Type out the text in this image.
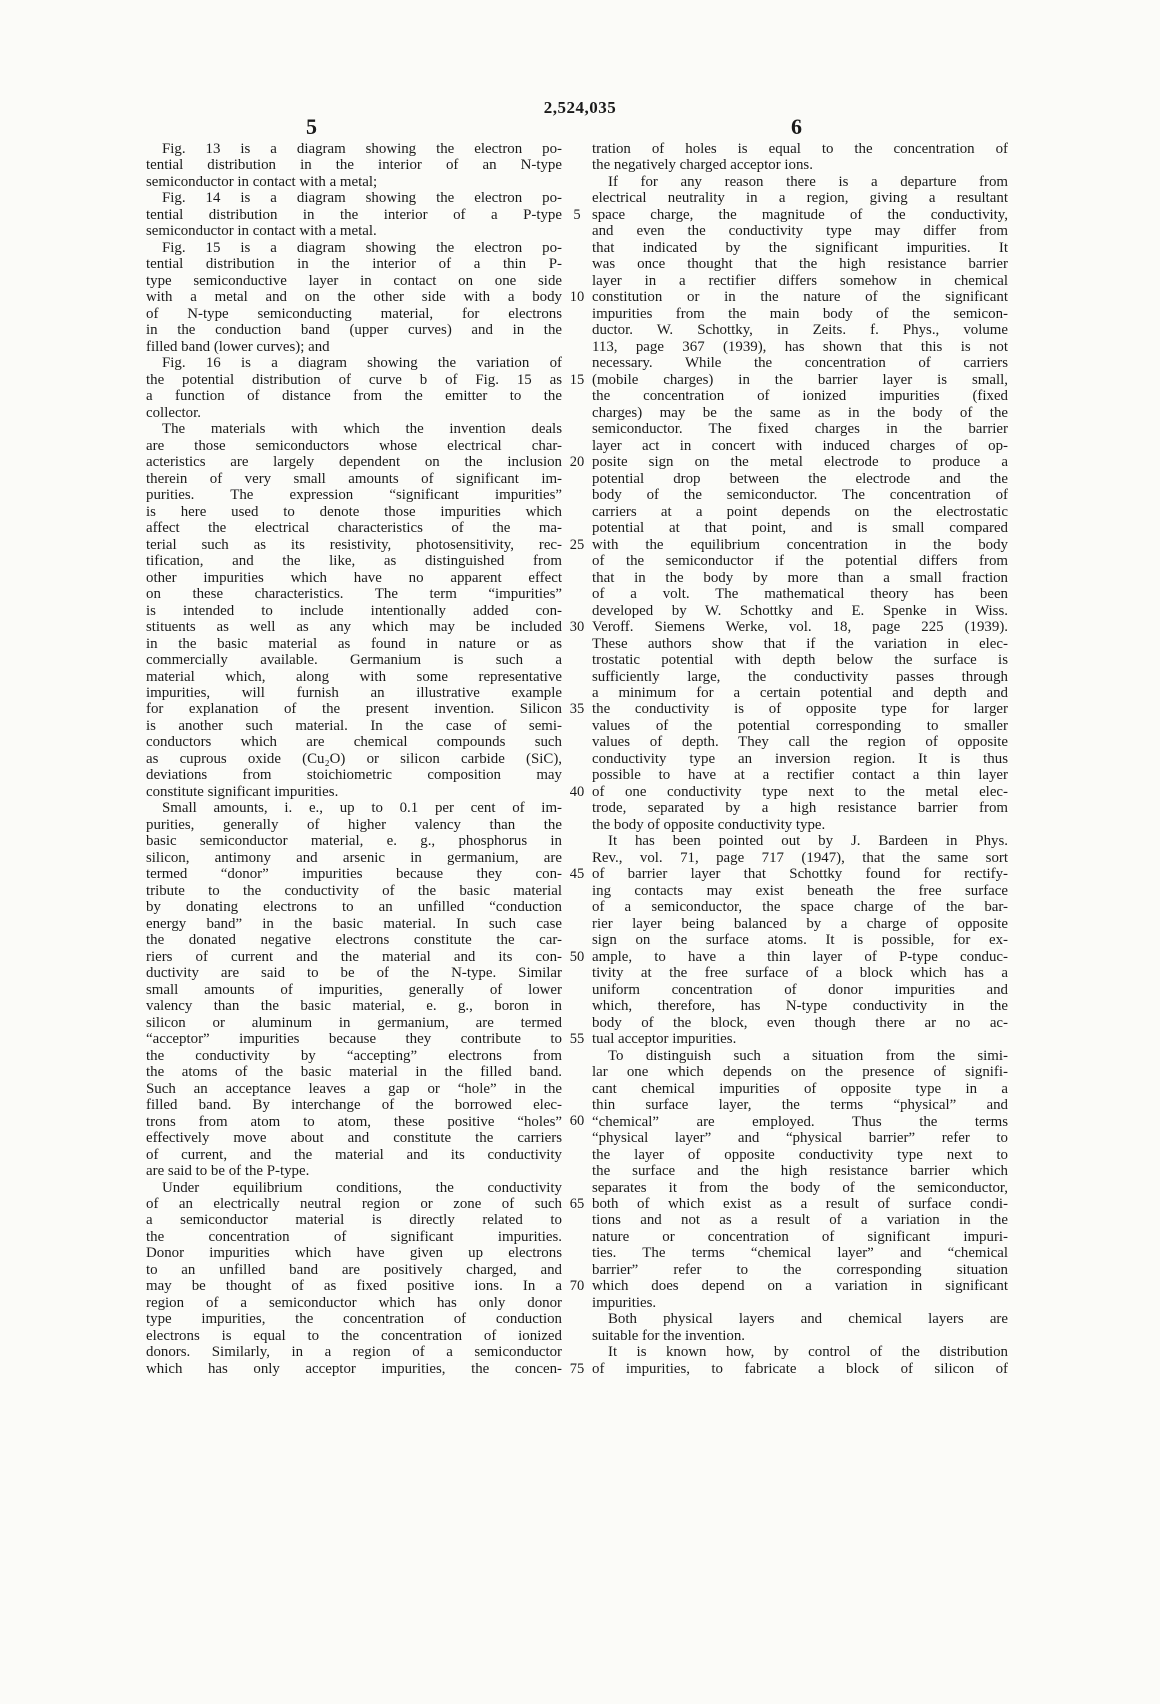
2,524,035
5	6
Fig. 13 is a diagram showing the electron po-
tential distribution in the interior of an N-type
semiconductor in contact with a metal;
Fig. 14 is a diagram showing the electron po-
tential distribution in the interior of a P-type
semiconductor in contact with a metal.
Fig. 15 is a diagram showing the electron po-
tential distribution in the interior of a thin P-
type semiconductive layer in contact on one side
with a metal and on the other side with a body
of N-type semiconducting material, for electrons
in the conduction band (upper curves) and in the
filled band (lower curves); and
Fig. 16 is a diagram showing the variation of
the potential distribution of curve b of Fig. 15 as
a function of distance from the emitter to the
collector.
The materials with which the invention deals
are those semiconductors whose electrical char-
acteristics are largely dependent on the inclusion
therein of very small amounts of significant im-
purities. The expression “significant impurities”
is here used to denote those impurities which
affect the electrical characteristics of the ma-
terial such as its resistivity, photosensitivity, rec-
tification, and the like, as distinguished from
other impurities which have no apparent effect
on these characteristics. The term “impurities”
is intended to include intentionally added con-
stituents as well as any which may be included
in the basic material as found in nature or as
commercially available. Germanium is such a
material which, along with some representative
impurities, will furnish an illustrative example
for explanation of the present invention. Silicon
is another such material. In the case of semi-
conductors which are chemical compounds such
as cuprous oxide (Cu₂O) or silicon carbide (SiC),
deviations from stoichiometric composition may
constitute significant impurities.
Small amounts, i. e., up to 0.1 per cent of im-
purities, generally of higher valency than the
basic semiconductor material, e. g., phosphorus in
silicon, antimony and arsenic in germanium, are
termed “donor” impurities because they con-
tribute to the conductivity of the basic material
by donating electrons to an unfilled “conduction
energy band” in the basic material. In such case
the donated negative electrons constitute the car-
riers of current and the material and its con-
ductivity are said to be of the N-type. Similar
small amounts of impurities, generally of lower
valency than the basic material, e. g., boron in
silicon or aluminum in germanium, are termed
“acceptor” impurities because they contribute to
the conductivity by “accepting” electrons from
the atoms of the basic material in the filled band.
Such an acceptance leaves a gap or “hole” in the
filled band. By interchange of the borrowed elec-
trons from atom to atom, these positive “holes”
effectively move about and constitute the carriers
of current, and the material and its conductivity
are said to be of the P-type.
Under equilibrium conditions, the conductivity
of an electrically neutral region or zone of such
a semiconductor material is directly related to
the concentration of significant impurities.
Donor impurities which have given up electrons
to an unfilled band are positively charged, and
may be thought of as fixed positive ions. In a
region of a semiconductor which has only donor
type impurities, the concentration of conduction
electrons is equal to the concentration of ionized
donors. Similarly, in a region of a semiconductor
which has only acceptor impurities, the concen-
5
10
15
20
25
30
35
40
45
50
55
60
65
70
75
tration of holes is equal to the concentration of
the negatively charged acceptor ions.
If for any reason there is a departure from
electrical neutrality in a region, giving a resultant
space charge, the magnitude of the conductivity,
and even the conductivity type may differ from
that indicated by the significant impurities. It
was once thought that the high resistance barrier
layer in a rectifier differs somehow in chemical
constitution or in the nature of the significant
impurities from the main body of the semicon-
ductor. W. Schottky, in Zeits. f. Phys., volume
113, page 367 (1939), has shown that this is not
necessary. While the concentration of carriers
(mobile charges) in the barrier layer is small,
the concentration of ionized impurities (fixed
charges) may be the same as in the body of the
semiconductor. The fixed charges in the barrier
layer act in concert with induced charges of op-
posite sign on the metal electrode to produce a
potential drop between the electrode and the
body of the semiconductor. The concentration of
carriers at a point depends on the electrostatic
potential at that point, and is small compared
with the equilibrium concentration in the body
of the semiconductor if the potential differs from
that in the body by more than a small fraction
of a volt. The mathematical theory has been
developed by W. Schottky and E. Spenke in Wiss.
Veroff. Siemens Werke, vol. 18, page 225 (1939).
These authors show that if the variation in elec-
trostatic potential with depth below the surface is
sufficiently large, the conductivity passes through
a minimum for a certain potential and depth and
the conductivity is of opposite type for larger
values of the potential corresponding to smaller
values of depth. They call the region of opposite
conductivity type an inversion region. It is thus
possible to have at a rectifier contact a thin layer
of one conductivity type next to the metal elec-
trode, separated by a high resistance barrier from
the body of opposite conductivity type.
It has been pointed out by J. Bardeen in Phys.
Rev., vol. 71, page 717 (1947), that the same sort
of barrier layer that Schottky found for rectify-
ing contacts may exist beneath the free surface
of a semiconductor, the space charge of the bar-
rier layer being balanced by a charge of opposite
sign on the surface atoms. It is possible, for ex-
ample, to have a thin layer of P-type conduc-
tivity at the free surface of a block which has a
uniform concentration of donor impurities and
which, therefore, has N-type conductivity in the
body of the block, even though there ar no ac-
tual acceptor impurities.
To distinguish such a situation from the simi-
lar one which depends on the presence of signifi-
cant chemical impurities of opposite type in a
thin surface layer, the terms “physical” and
“chemical” are employed. Thus the terms
“physical layer” and “physical barrier” refer to
the layer of opposite conductivity type next to
the surface and the high resistance barrier which
separates it from the body of the semiconductor,
both of which exist as a result of surface condi-
tions and not as a result of a variation in the
nature or concentration of significant impuri-
ties. The terms “chemical layer” and “chemical
barrier” refer to the corresponding situation
which does depend on a variation in significant
impurities.
Both physical layers and chemical layers are
suitable for the invention.
It is known how, by control of the distribution
of impurities, to fabricate a block of silicon of
